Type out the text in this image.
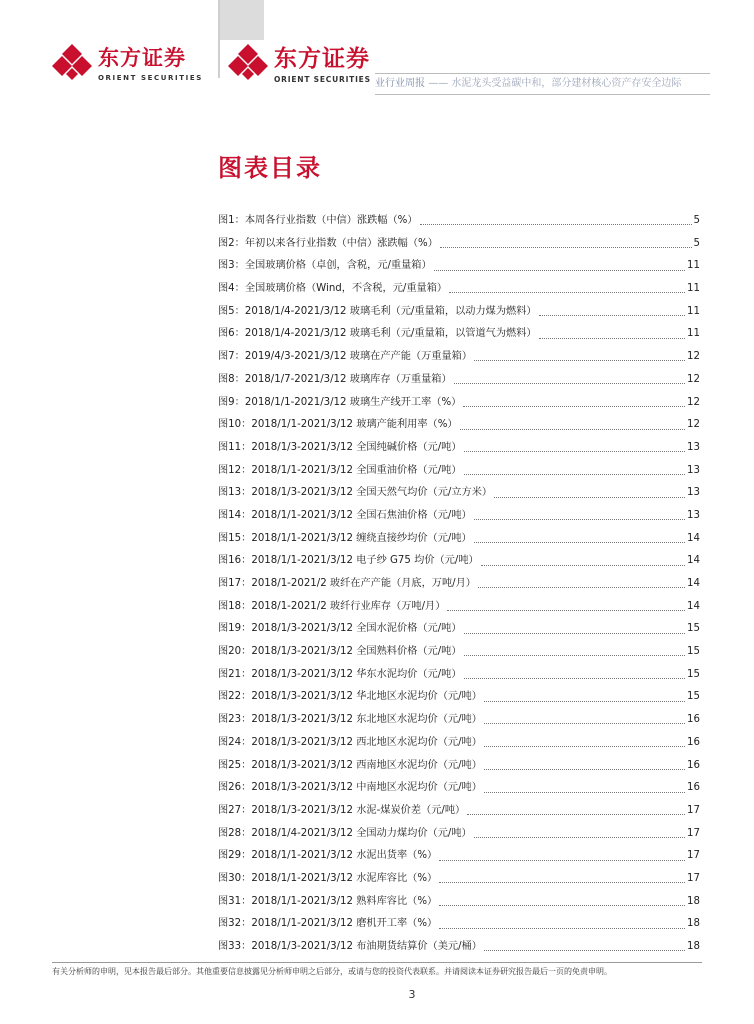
东方证券
ORIENT SECURITIES
东方证券
ORIENT SECURITIES 业行业周报 —— 水泥龙头受益碳中和，部分建材核心资产存安全边际
图表目录
图1：本周各行业指数（中信）涨跌幅（%）	5
图2：年初以来各行业指数（中信）涨跌幅（%）	5
图3：全国玻璃价格（卓创，含税，元/重量箱）	11
图4：全国玻璃价格（Wind，不含税，元/重量箱）	11
图5：2018/1/4-2021/3/12 玻璃毛利（元/重量箱，以动力煤为燃料）	11
图6：2018/1/4-2021/3/12 玻璃毛利（元/重量箱，以管道气为燃料）	11
图7：2019/4/3-2021/3/12 玻璃在产产能（万重量箱）	12
图8：2018/1/7-2021/3/12 玻璃库存（万重量箱）	12
图9：2018/1/1-2021/3/12 玻璃生产线开工率（%）	12
图10：2018/1/1-2021/3/12 玻璃产能利用率（%）	12
图11：2018/1/3-2021/3/12 全国纯碱价格（元/吨）	13
图12：2018/1/1-2021/3/12 全国重油价格（元/吨）	13
图13：2018/1/3-2021/3/12 全国天然气均价（元/立方米）	13
图14：2018/1/1-2021/3/12 全国石焦油价格（元/吨）	13
图15：2018/1/1-2021/3/12 缠绕直接纱均价（元/吨）	14
图16：2018/1/1-2021/3/12 电子纱 G75 均价（元/吨）	14
图17：2018/1-2021/2 玻纤在产产能（月底，万吨/月）	14
图18：2018/1-2021/2 玻纤行业库存（万吨/月）	14
图19：2018/1/3-2021/3/12 全国水泥价格（元/吨）	15
图20：2018/1/3-2021/3/12 全国熟料价格（元/吨）	15
图21：2018/1/3-2021/3/12 华东水泥均价（元/吨）	15
图22：2018/1/3-2021/3/12 华北地区水泥均价（元/吨）	15
图23：2018/1/3-2021/3/12 东北地区水泥均价（元/吨）	16
图24：2018/1/3-2021/3/12 西北地区水泥均价（元/吨）	16
图25：2018/1/3-2021/3/12 西南地区水泥均价（元/吨）	16
图26：2018/1/3-2021/3/12 中南地区水泥均价（元/吨）	16
图27：2018/1/3-2021/3/12 水泥-煤炭价差（元/吨）	17
图28：2018/1/4-2021/3/12 全国动力煤均价（元/吨）	17
图29：2018/1/1-2021/3/12 水泥出货率（%）	17
图30：2018/1/1-2021/3/12 水泥库容比（%）	17
图31：2018/1/1-2021/3/12 熟料库容比（%）	18
图32：2018/1/1-2021/3/12 磨机开工率（%）	18
图33：2018/1/3-2021/3/12 布油期货结算价（美元/桶）	18
有关分析师的申明，见本报告最后部分。其他重要信息披露见分析师申明之后部分，或请与您的投资代表联系。并请阅读本证券研究报告最后一页的免责申明。
3
